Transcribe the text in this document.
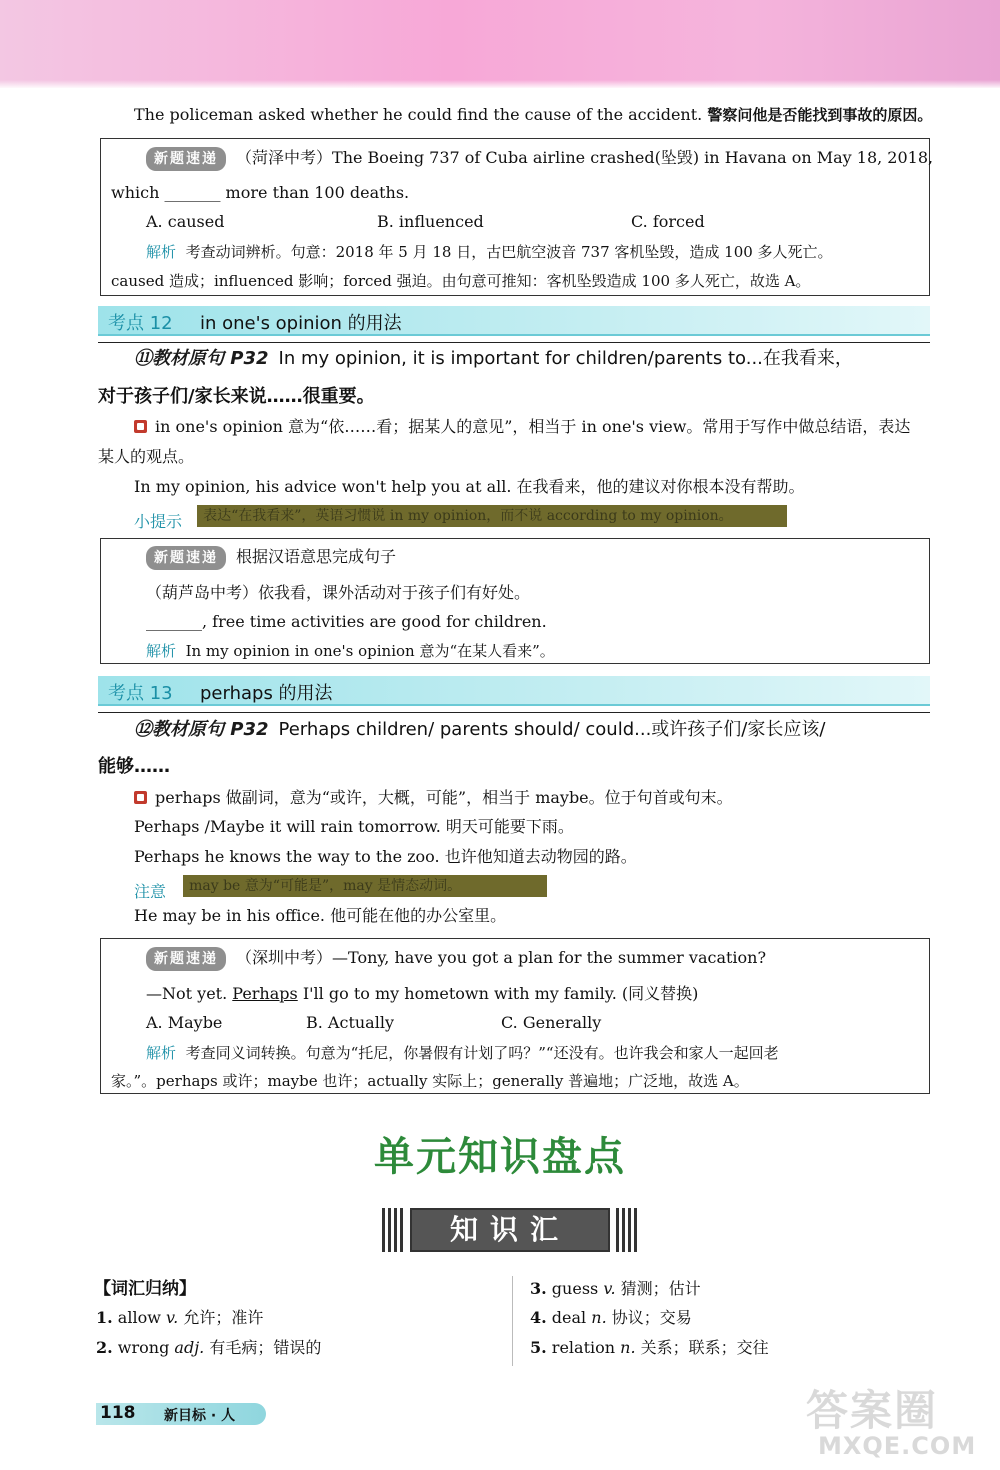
The policeman asked whether he could find the cause of the accident. 警察问他是否能找到事故的原因。
新题速递 （菏泽中考）The Boeing 737 of Cuba airline crashed(坠毁) in Havana on May 18, 2018,
which _______ more than 100 deaths.
A. caused	B. influenced	C. forced
解析 考查动词辨析。句意：2018 年 5 月 18 日，古巴航空波音 737 客机坠毁，造成 100 多人死亡。
caused 造成；influenced 影响；forced 强迫。由句意可推知：客机坠毁造成 100 多人死亡，故选 A。
考点 12 in one's opinion 的用法
⑪教材原句 P32 In my opinion, it is important for children/parents to...在我看来，
对于孩子们/家长来说……很重要。
in one's opinion 意为“依……看；据某人的意见”，相当于 in one's view。常用于写作中做总结语，表达
某人的观点。
In my opinion, his advice won't help you at all. 在我看来，他的建议对你根本没有帮助。
小提示 表达“在我看来”，英语习惯说 in my opinion，而不说 according to my opinion。
新题速递 根据汉语意思完成句子
（葫芦岛中考）依我看，课外活动对于孩子们有好处。
_______, free time activities are good for children.
解析 In my opinion in one's opinion 意为“在某人看来”。
考点 13 perhaps 的用法
⑫教材原句 P32 Perhaps children/ parents should/ could...或许孩子们/家长应该/
能够……
perhaps 做副词，意为“或许，大概，可能”，相当于 maybe。位于句首或句末。
Perhaps /Maybe it will rain tomorrow. 明天可能要下雨。
Perhaps he knows the way to the zoo. 也许他知道去动物园的路。
注意 may be 意为“可能是”，may 是情态动词。
He may be in his office. 他可能在他的办公室里。
新题速递 （深圳中考）—Tony, have you got a plan for the summer vacation?
—Not yet. Perhaps I'll go to my hometown with my family. (同义替换)
A. Maybe	B. Actually	C. Generally
解析 考查同义词转换。句意为“托尼，你暑假有计划了吗？”“还没有。也许我会和家人一起回老
家。”。perhaps 或许；maybe 也许；actually 实际上；generally 普遍地；广泛地，故选 A。
单元知识盘点
知识汇
【词汇归纳】
1. allow v. 允许；准许
2. wrong adj. 有毛病；错误的
3. guess v. 猜测；估计
4. deal n. 协议；交易
5. relation n. 关系；联系；交往
118 新目标 · 人	答案圈
MXQE.COM
